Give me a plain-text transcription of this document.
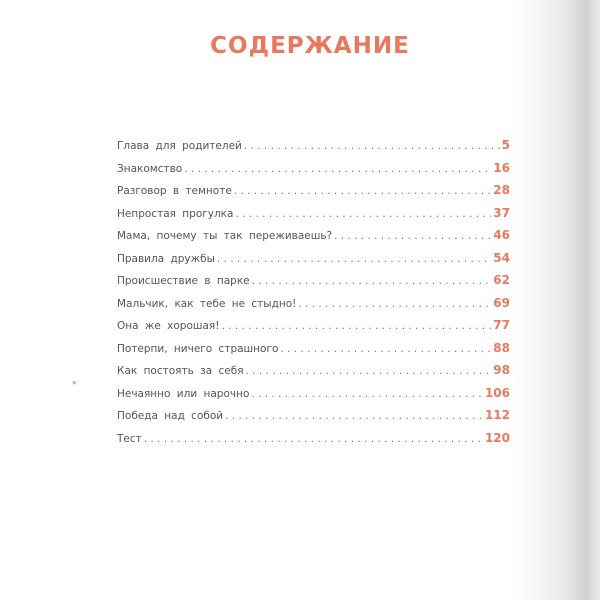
СОДЕРЖАНИЕ
Глава для родителей . . .	5
Знакомство . . .	16
Разговор в темноте . . .	28
Непростая прогулка . . .	37
Мама, почему ты так переживаешь? . . .	46
Правила дружбы . . .	54
Происшествие в парке . . .	62
Мальчик, как тебе не стыдно! . . .	69
Она же хорошая! . . .	77
Потерпи, ничего страшного . . .	88
Как постоять за себя . . .	98
Нечаянно или нарочно . . .	106
Победа над собой . . .	112
Тест . . .	120
*
